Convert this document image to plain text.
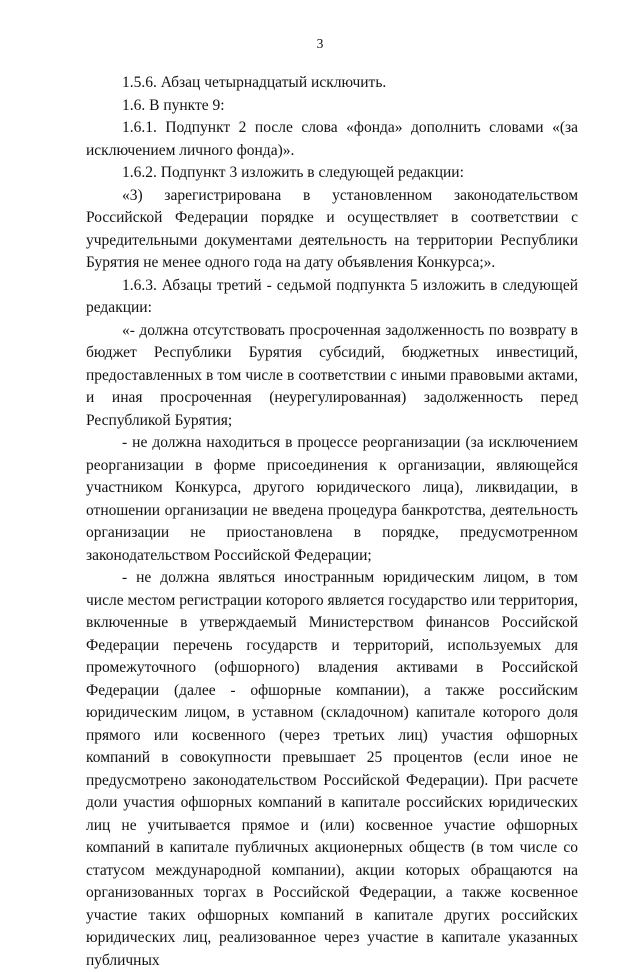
3

1.5.6. Абзац четырнадцатый исключить.

1.6. В пункте 9:

1.6.1. Подпункт 2 после слова «фонда» дополнить словами «(за исключением личного фонда)».

1.6.2. Подпункт 3 изложить в следующей редакции:

«3) зарегистрирована в установленном законодательством Российской Федерации порядке и осуществляет в соответствии с учредительными документами деятельность на территории Республики Бурятия не менее одного года на дату объявления Конкурса;».

1.6.3. Абзацы третий - седьмой подпункта 5 изложить в следующей редакции:

«- должна отсутствовать просроченная задолженность по возврату в бюджет Республики Бурятия субсидий, бюджетных инвестиций, предоставленных в том числе в соответствии с иными правовыми актами, и иная просроченная (неурегулированная) задолженность перед Республикой Бурятия;

- не должна находиться в процессе реорганизации (за исключением реорганизации в форме присоединения к организации, являющейся участником Конкурса, другого юридического лица), ликвидации, в отношении организации не введена процедура банкротства, деятельность организации не приостановлена в порядке, предусмотренном законодательством Российской Федерации;

- не должна являться иностранным юридическим лицом, в том числе местом регистрации которого является государство или территория, включенные в утверждаемый Министерством финансов Российской Федерации перечень государств и территорий, используемых для промежуточного (офшорного) владения активами в Российской Федерации (далее - офшорные компании), а также российским юридическим лицом, в уставном (складочном) капитале которого доля прямого или косвенного (через третьих лиц) участия офшорных компаний в совокупности превышает 25 процентов (если иное не предусмотрено законодательством Российской Федерации). При расчете доли участия офшорных компаний в капитале российских юридических лиц не учитывается прямое и (или) косвенное участие офшорных компаний в капитале публичных акционерных обществ (в том числе со статусом международной компании), акции которых обращаются на организованных торгах в Российской Федерации, а также косвенное участие таких офшорных компаний в капитале других российских юридических лиц, реализованное через участие в капитале указанных публичных
